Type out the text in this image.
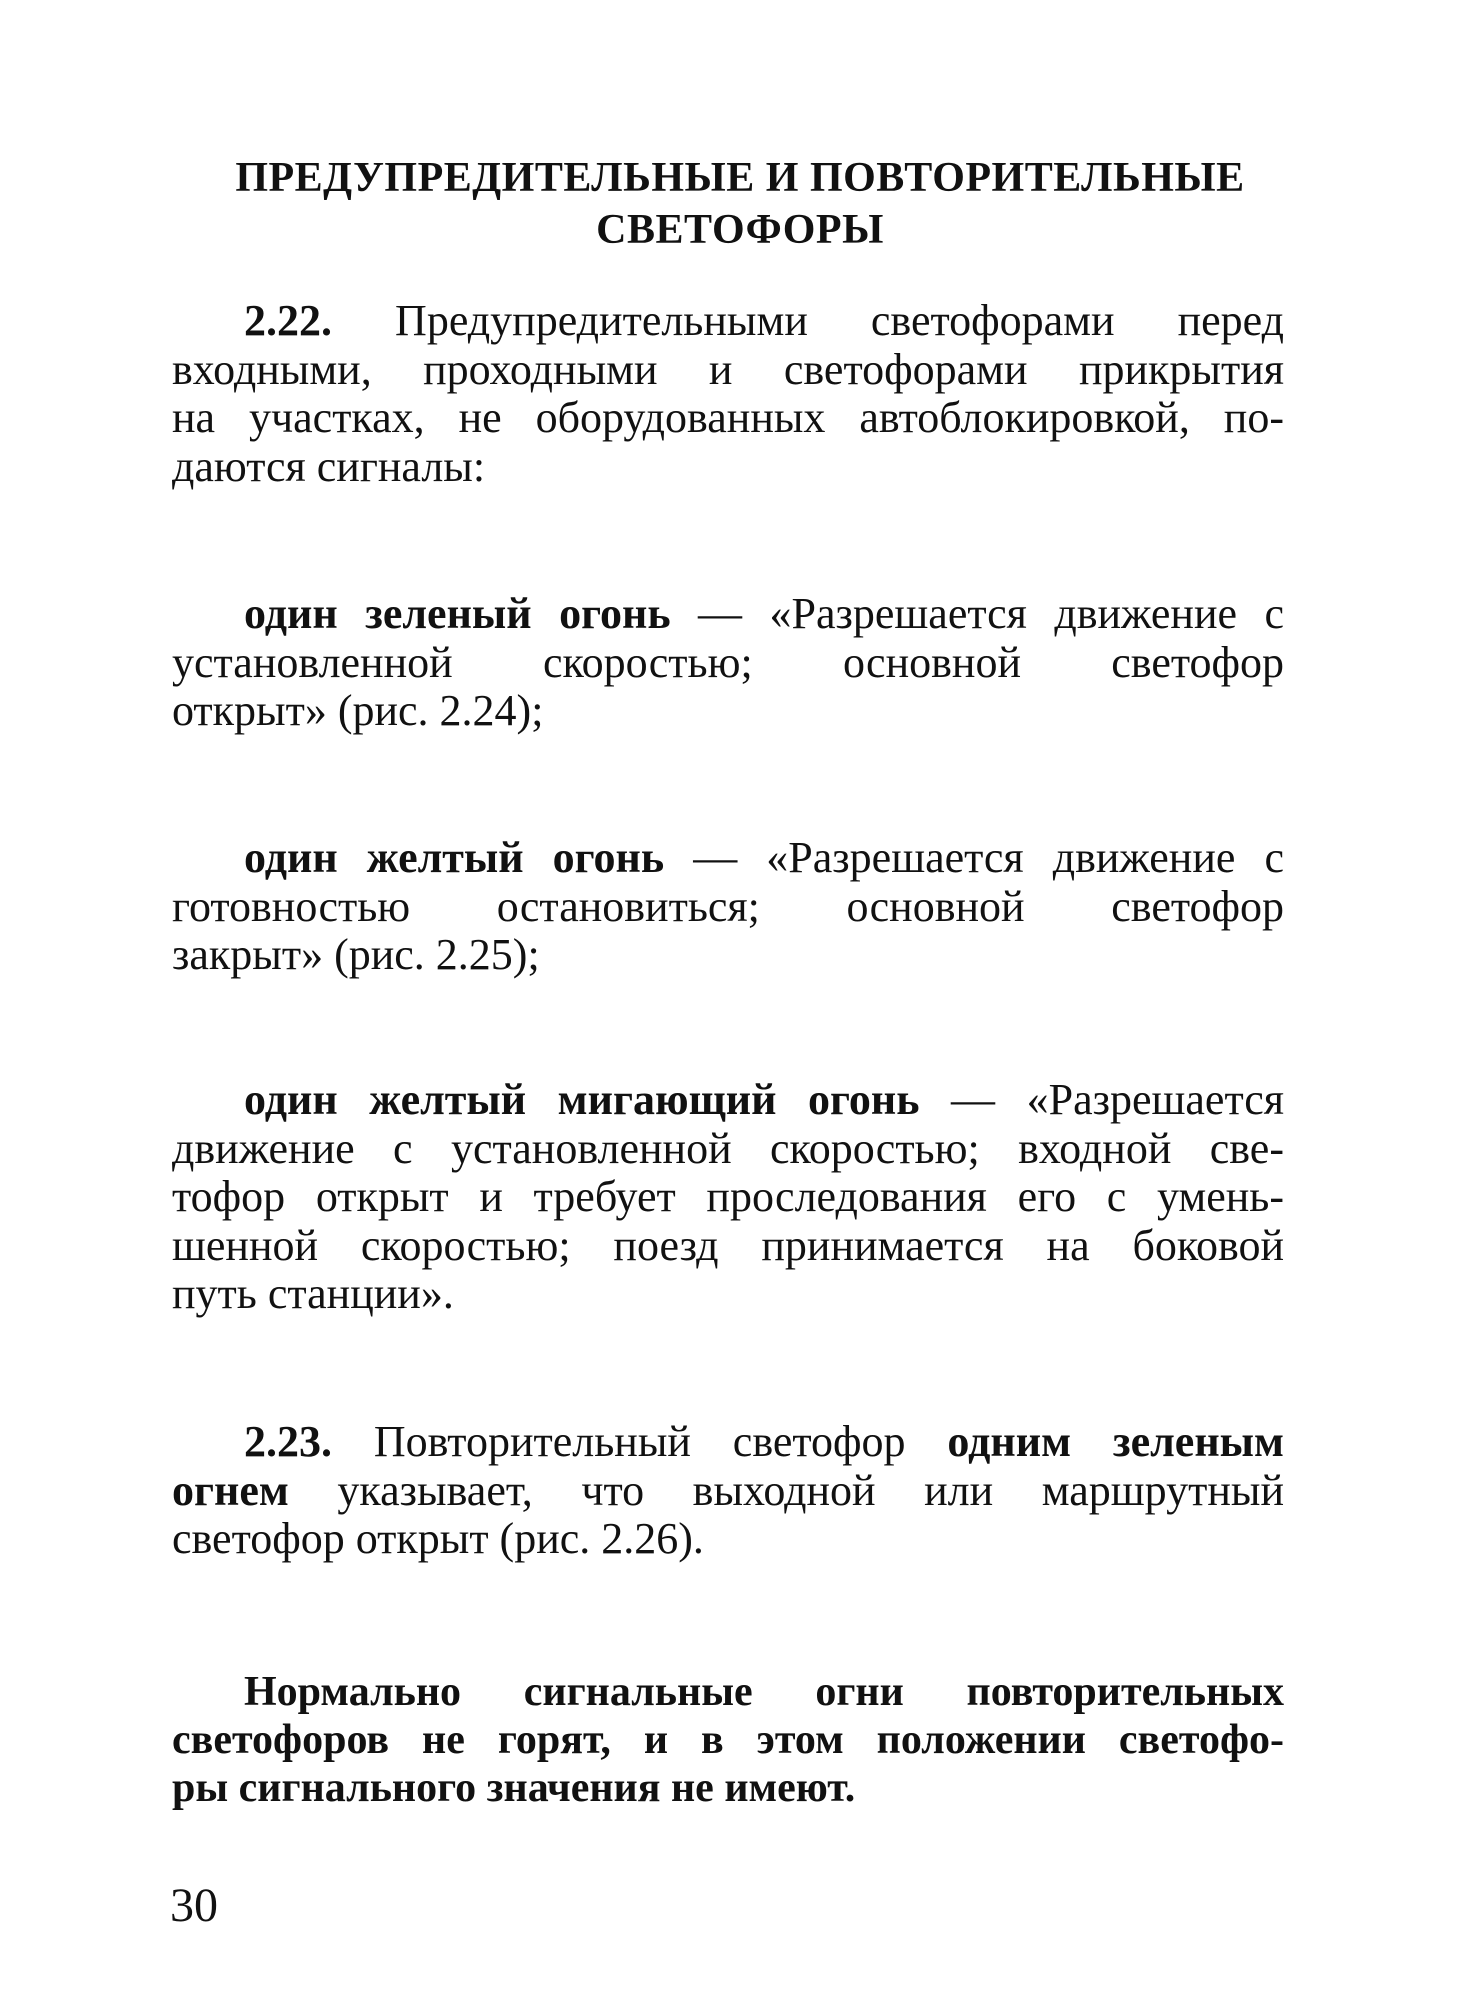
ПРЕДУПРЕДИТЕЛЬНЫЕ И ПОВТОРИТЕЛЬНЫЕ
СВЕТОФОРЫ
2.22. Предупредительными светофорами перед
входными, проходными и светофорами прикрытия
на участках, не оборудованных автоблокировкой, по-
даются сигналы:
один зеленый огонь — «Разрешается движение с
установленной скоростью; основной светофор
открыт» (рис. 2.24);
один желтый огонь — «Разрешается движение с
готовностью остановиться; основной светофор
закрыт» (рис. 2.25);
один желтый мигающий огонь — «Разрешается
движение с установленной скоростью; входной све-
тофор открыт и требует проследования его с умень-
шенной скоростью; поезд принимается на боковой
путь станции».
2.23. Повторительный светофор одним зеленым
огнем указывает, что выходной или маршрутный
светофор открыт (рис. 2.26).
Нормально сигнальные огни повторительных
светофоров не горят, и в этом положении светофо-
ры сигнального значения не имеют.
30
